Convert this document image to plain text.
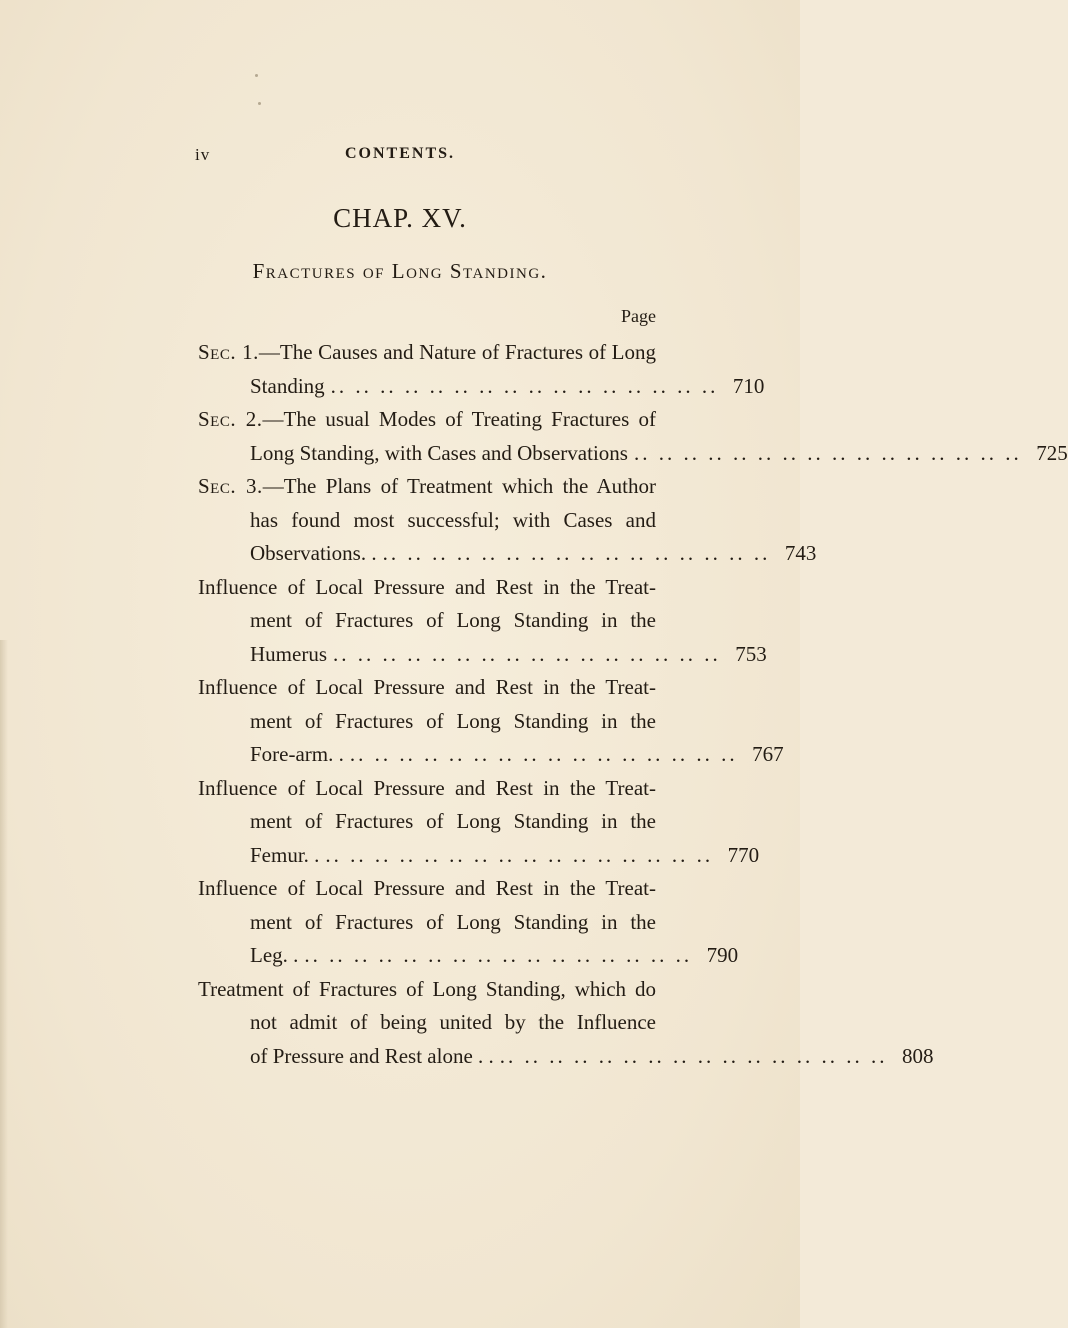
iv	CONTENTS.
CHAP. XV.
Fractures of Long Standing.
Page
Sec. 1.—The Causes and Nature of Fractures of Long
Standing .. .. .. .. .. .. .. .. .. .. .. .. .. .. .. .. 710
Sec. 2.—The usual Modes of Treating Fractures of
Long Standing, with Cases and Observations .. .. .. .. .. .. .. .. .. .. .. .. .. .. .. .. 725
Sec. 3.—The Plans of Treatment which the Author
has found most successful; with Cases and
Observations. . .. .. .. .. .. .. .. .. .. .. .. .. .. .. .. .. 743
Influence of Local Pressure and Rest in the Treat-
ment of Fractures of Long Standing in the
Humerus .. .. .. .. .. .. .. .. .. .. .. .. .. .. .. .. 753
Influence of Local Pressure and Rest in the Treat-
ment of Fractures of Long Standing in the
Fore-arm. . .. .. .. .. .. .. .. .. .. .. .. .. .. .. .. .. 767
Influence of Local Pressure and Rest in the Treat-
ment of Fractures of Long Standing in the
Femur. . .. .. .. .. .. .. .. .. .. .. .. .. .. .. .. .. 770
Influence of Local Pressure and Rest in the Treat-
ment of Fractures of Long Standing in the
Leg. . .. .. .. .. .. .. .. .. .. .. .. .. .. .. .. .. 790
Treatment of Fractures of Long Standing, which do
not admit of being united by the Influence
of Pressure and Rest alone . . .. .. .. .. .. .. .. .. .. .. .. .. .. .. .. .. 808
